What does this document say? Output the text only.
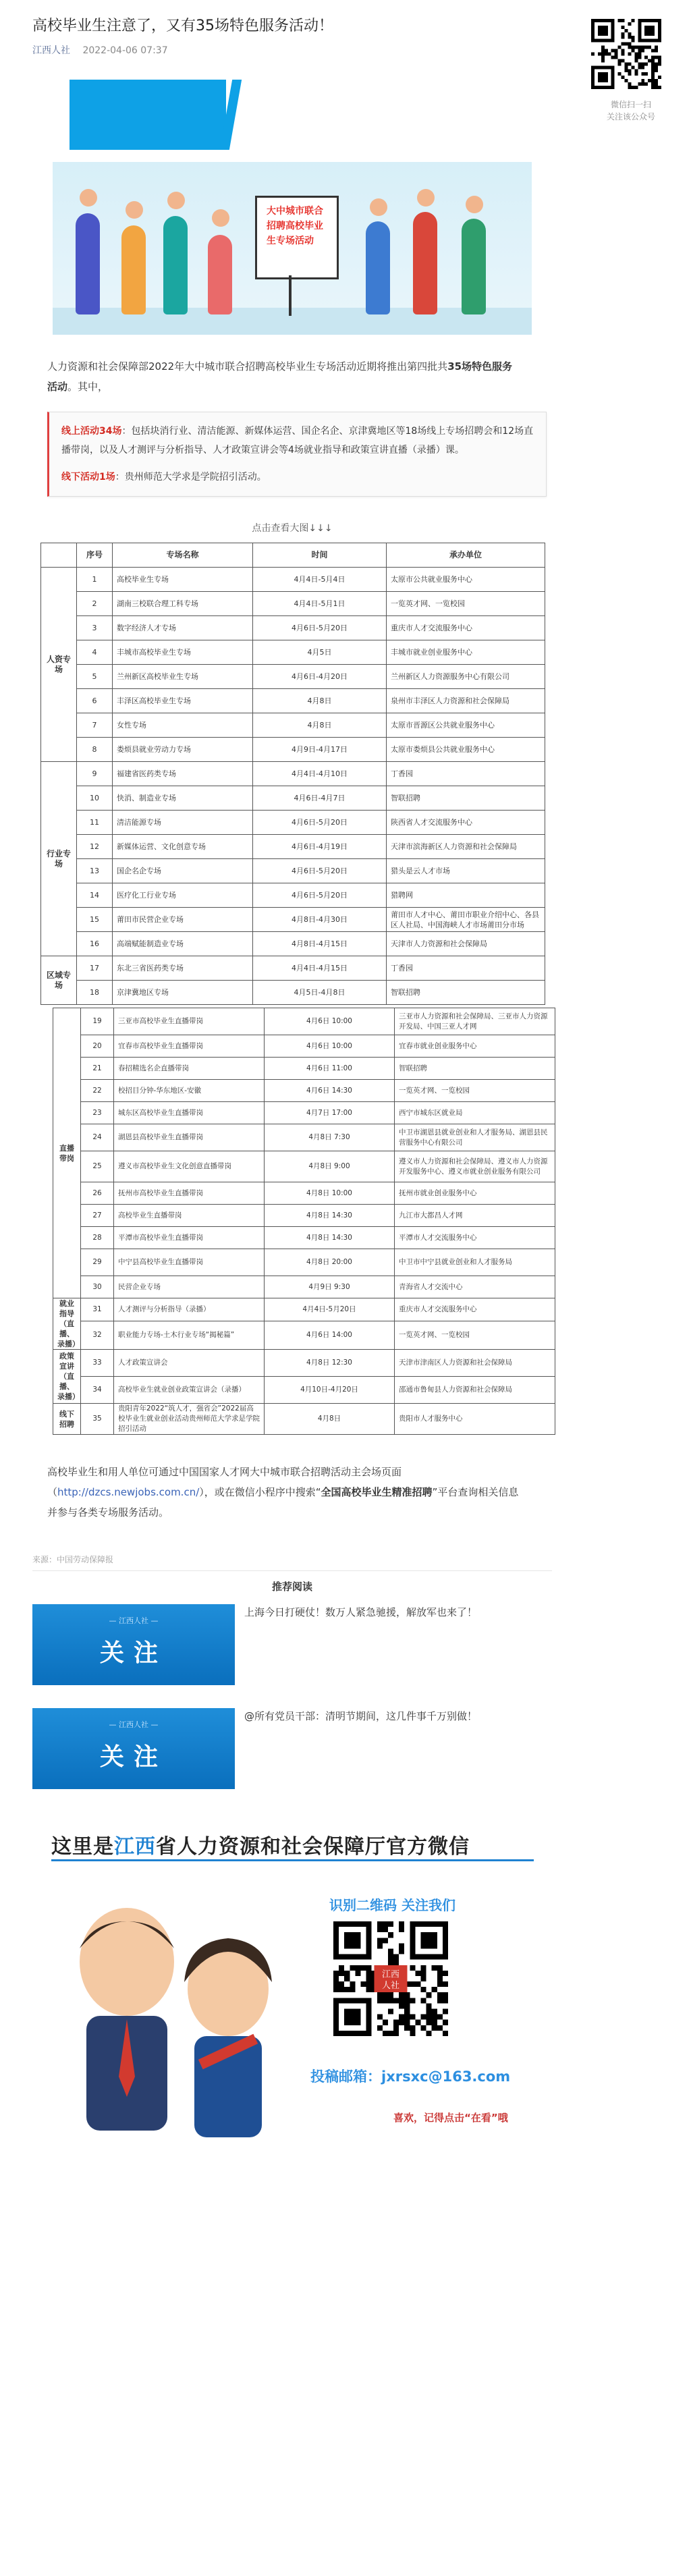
高校毕业生注意了，又有35场特色服务活动！
江西人社 2022-04-06 07:37
大中城市联合
招聘高校毕业
生专场活动

人力资源和社会保障部2022年大中城市联合招聘高校毕业生专场活动近期将推出第四批共35场特色服务活动。其中，

线上活动34场：包括块消行业、清洁能源、新媒体运营、国企名企、京津冀地区等18场线上专场招聘会和12场直播带岗，以及人才测评与分析指导、人才政策宣讲会等4场就业指导和政策宣讲直播（录播）课。

线下活动1场：贵州师范大学求是学院招引活动。

点击查看大图↓↓↓
	序号	专场名称	时间	承办单位
人资专场	1	高校毕业生专场	4月4日-5月4日	太原市公共就业服务中心
	2	湖南三校联合理工科专场	4月4日-5月1日	一览英才网、一览校园
	3	数字经济人才专场	4月6日-5月20日	重庆市人才交流服务中心
	4	丰城市高校毕业生专场	4月5日	丰城市就业创业服务中心
	5	兰州新区高校毕业生专场	4月6日-4月20日	兰州新区人力资源服务中心有限公司
	6	丰泽区高校毕业生专场	4月8日	泉州市丰泽区人力资源和社会保障局
	7	女性专场	4月8日	太原市晋源区公共就业服务中心
	8	娄烦县就业劳动力专场	4月9日-4月17日	太原市娄烦县公共就业服务中心
行业专场	9	福建省医药类专场	4月4日-4月10日	丁香园
	10	快消、制造业专场	4月6日-4月7日	智联招聘
	11	清洁能源专场	4月6日-5月20日	陕西省人才交流服务中心
	12	新媒体运营、文化创意专场	4月6日-4月19日	天津市滨海新区人力资源和社会保障局
	13	国企名企专场	4月6日-5月20日	猎头是云人才市场
	14	医疗化工行业专场	4月6日-5月20日	猎聘网
	15	莆田市民营企业专场	4月8日-4月30日	莆田市人才中心、莆田市职业介绍中心、各县区人社局、中国海峡人才市场莆田分市场
	16	高端赋能制造业专场	4月8日-4月15日	天津市人力资源和社会保障局
区域专场	17	东北三省医药类专场	4月4日-4月15日	丁香园
	18	京津冀地区专场	4月5日-4月8日	智联招聘
直播带岗	19	三亚市高校毕业生直播带岗	4月6日 10:00	三亚市人力资源和社会保障局、三亚市人力资源开发局、中国三亚人才网
	20	宜春市高校毕业生直播带岗	4月6日 10:00	宜春市就业创业服务中心
	21	春招精选名企直播带岗	4月6日 11:00	智联招聘
	22	校招目分钟-华东地区-安徽	4月6日 14:30	一览英才网、一览校园
	23	城东区高校毕业生直播带岗	4月7日 17:00	西宁市城东区就业局
	24	湖恩县高校毕业生直播带岗	4月8日 7:30	中卫市湖恩县就业创业和人才服务局、湖恩县民营服务中心有限公司
	25	遵义市高校毕业生文化创意直播带岗	4月8日 9:00	遵义市人力资源和社会保障局、遵义市人力资源开发服务中心、遵义市就业创业服务有限公司
	26	抚州市高校毕业生直播带岗	4月8日 10:00	抚州市就业创业服务中心
	27	高校毕业生直播带岗	4月8日 14:30	九江市大都昌人才网
	28	平潭市高校毕业生直播带岗	4月8日 14:30	平潭市人才交流服务中心
	29	中宁县高校毕业生直播带岗	4月8日 20:00	中卫市中宁县就业创业和人才服务局
	30	民营企业专场	4月9日 9:30	青海省人才交流中心
就业指导（直播、录播）	31	人才测评与分析指导（录播）	4月4日-5月20日	重庆市人才交流服务中心
	32	职业能力专场-土木行业专场“揭秘篇”	4月6日 14:00	一览英才网、一览校园
政策宣讲（直播、录播）	33	人才政策宣讲会	4月8日 12:30	天津市津南区人力资源和社会保障局
	34	高校毕业生就业创业政策宣讲会（录播）	4月10日-4月20日	邵通市鲁甸县人力资源和社会保障局
线下招聘	35	贵阳青年2022“筑人才，强省会”2022届高校毕业生就业创业活动贵州师范大学求是学院招引活动	4月8日	贵阳市人才服务中心

高校毕业生和用人单位可通过中国国家人才网大中城市联合招聘活动主会场页面（http://dzcs.newjobs.com.cn/），或在微信小程序中搜索“全国高校毕业生精准招聘”平台查询相关信息并参与各类专场服务活动。

来源：中国劳动保障报
推荐阅读
— 江西人社 —
关注
上海今日打硬仗！数万人紧急驰援，解放军也来了！
— 江西人社 —
关注
@所有党员干部：清明节期间，这几件事千万别做！
这里是江西省人力资源和社会保障厅官方微信
识别二维码 关注我们
江西
人社
投稿邮箱：jxrsxc@163.com
喜欢，记得点击“在看”哦
微信扫一扫
关注该公众号
